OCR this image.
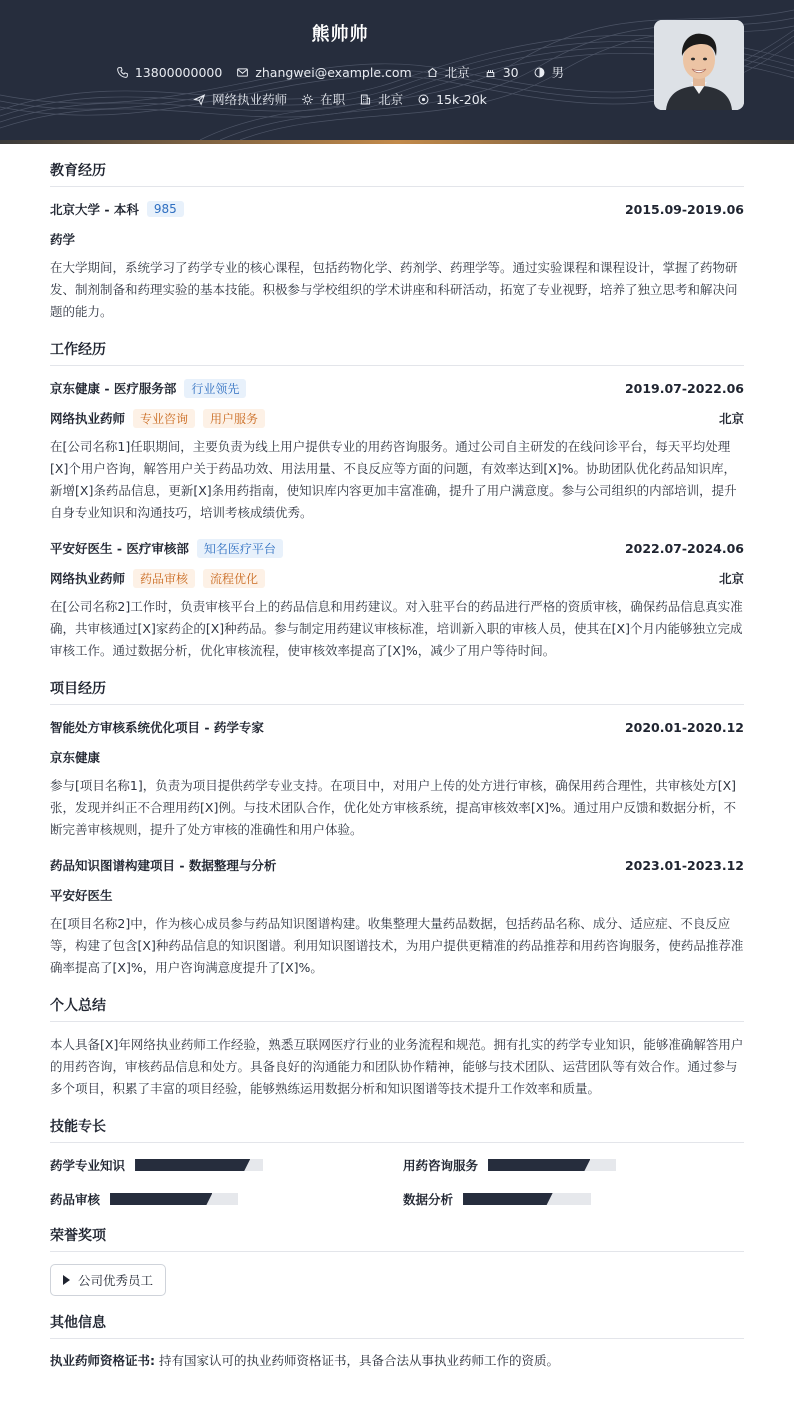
熊帅帅
13800000000	zhangwei@example.com	北京	30	男
网络执业药师	在职	北京	15k-20k
教育经历
北京大学 - 本科	985	2015.09-2019.06
药学
在大学期间，系统学习了药学专业的核心课程，包括药物化学、药剂学、药理学等。通过实验课程和课程设计，掌握了药物研发、制剂制备和药理实验的基本技能。积极参与学校组织的学术讲座和科研活动，拓宽了专业视野，培养了独立思考和解决问题的能力。
工作经历
京东健康 - 医疗服务部	行业领先	2019.07-2022.06
网络执业药师	专业咨询	用户服务	北京
在[公司名称1]任职期间，主要负责为线上用户提供专业的用药咨询服务。通过公司自主研发的在线问诊平台，每天平均处理[X]个用户咨询，解答用户关于药品功效、用法用量、不良反应等方面的问题，有效率达到[X]%。协助团队优化药品知识库，新增[X]条药品信息，更新[X]条用药指南，使知识库内容更加丰富准确，提升了用户满意度。参与公司组织的内部培训，提升自身专业知识和沟通技巧，培训考核成绩优秀。
平安好医生 - 医疗审核部	知名医疗平台	2022.07-2024.06
网络执业药师	药品审核	流程优化	北京
在[公司名称2]工作时，负责审核平台上的药品信息和用药建议。对入驻平台的药品进行严格的资质审核，确保药品信息真实准确，共审核通过[X]家药企的[X]种药品。参与制定用药建议审核标准，培训新入职的审核人员，使其在[X]个月内能够独立完成审核工作。通过数据分析，优化审核流程，使审核效率提高了[X]%，减少了用户等待时间。
项目经历
智能处方审核系统优化项目 - 药学专家	2020.01-2020.12
京东健康
参与[项目名称1]，负责为项目提供药学专业支持。在项目中，对用户上传的处方进行审核，确保用药合理性，共审核处方[X]张，发现并纠正不合理用药[X]例。与技术团队合作，优化处方审核系统，提高审核效率[X]%。通过用户反馈和数据分析，不断完善审核规则，提升了处方审核的准确性和用户体验。
药品知识图谱构建项目 - 数据整理与分析	2023.01-2023.12
平安好医生
在[项目名称2]中，作为核心成员参与药品知识图谱构建。收集整理大量药品数据，包括药品名称、成分、适应症、不良反应等，构建了包含[X]种药品信息的知识图谱。利用知识图谱技术，为用户提供更精准的药品推荐和用药咨询服务，使药品推荐准确率提高了[X]%，用户咨询满意度提升了[X]%。
个人总结
本人具备[X]年网络执业药师工作经验，熟悉互联网医疗行业的业务流程和规范。拥有扎实的药学专业知识，能够准确解答用户的用药咨询，审核药品信息和处方。具备良好的沟通能力和团队协作精神，能够与技术团队、运营团队等有效合作。通过参与多个项目，积累了丰富的项目经验，能够熟练运用数据分析和知识图谱等技术提升工作效率和质量。
技能专长
药学专业知识	用药咨询服务
药品审核	数据分析
荣誉奖项
公司优秀员工
其他信息
执业药师资格证书: 持有国家认可的执业药师资格证书，具备合法从事执业药师工作的资质。
